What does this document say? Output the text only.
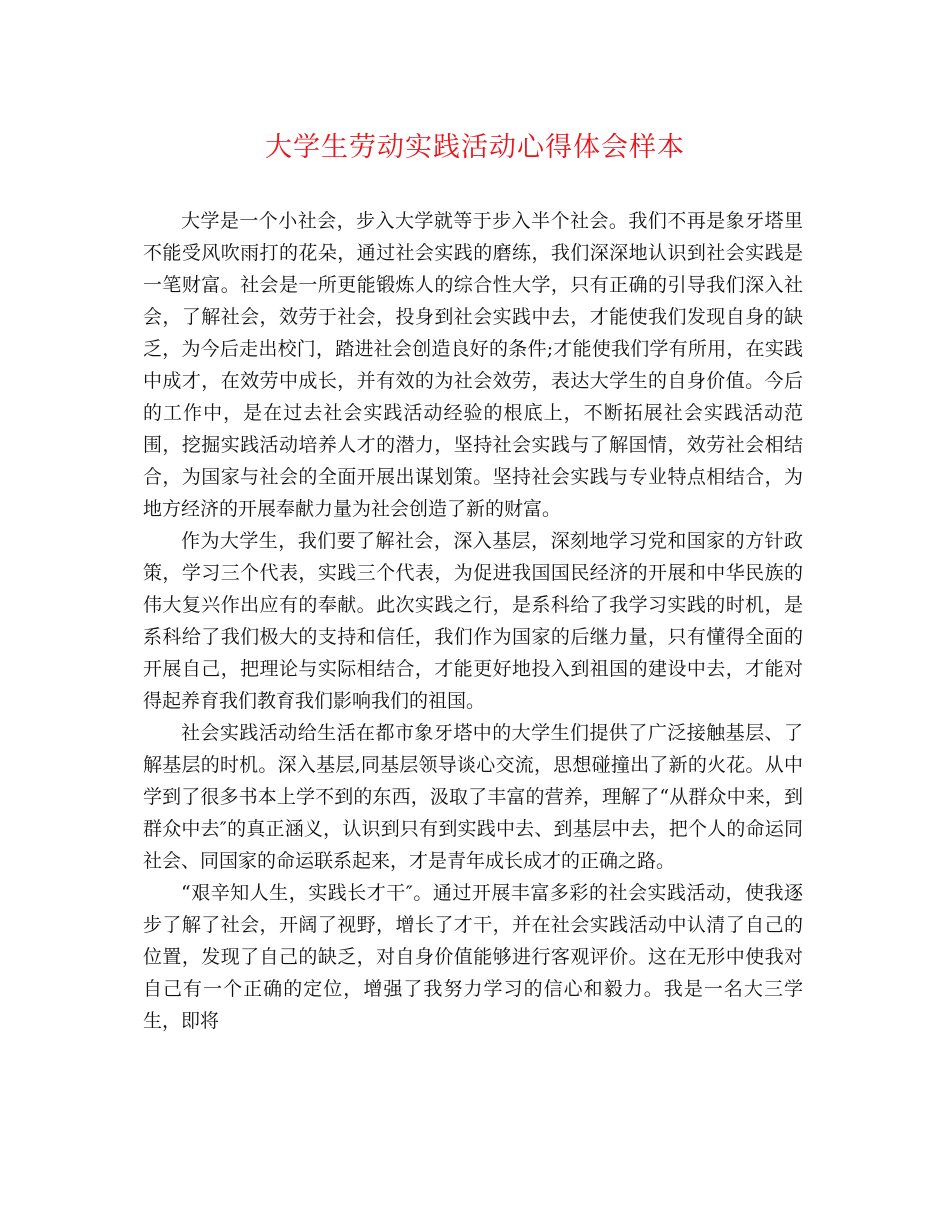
大学生劳动实践活动心得体会样本

大学是一个小社会，步入大学就等于步入半个社会。我们不再是象牙塔里不能受风吹雨打的花朵，通过社会实践的磨练，我们深深地认识到社会实践是一笔财富。社会是一所更能锻炼人的综合性大学，只有正确的引导我们深入社会，了解社会，效劳于社会，投身到社会实践中去，才能使我们发现自身的缺乏，为今后走出校门，踏进社会创造良好的条件;才能使我们学有所用，在实践中成才，在效劳中成长，并有效的为社会效劳，表达大学生的自身价值。今后的工作中，是在过去社会实践活动经验的根底上，不断拓展社会实践活动范围，挖掘实践活动培养人才的潜力，坚持社会实践与了解国情，效劳社会相结合，为国家与社会的全面开展出谋划策。坚持社会实践与专业特点相结合，为地方经济的开展奉献力量为社会创造了新的财富。

作为大学生，我们要了解社会，深入基层，深刻地学习党和国家的方针政策，学习三个代表，实践三个代表，为促进我国国民经济的开展和中华民族的伟大复兴作出应有的奉献。此次实践之行，是系科给了我学习实践的时机，是系科给了我们极大的支持和信任，我们作为国家的后继力量，只有懂得全面的开展自己，把理论与实际相结合，才能更好地投入到祖国的建设中去，才能对得起养育我们教育我们影响我们的祖国。

社会实践活动给生活在都市象牙塔中的大学生们提供了广泛接触基层、了解基层的时机。深入基层,同基层领导谈心交流，思想碰撞出了新的火花。从中学到了很多书本上学不到的东西，汲取了丰富的营养，理解了“从群众中来，到群众中去″的真正涵义，认识到只有到实践中去、到基层中去，把个人的命运同社会、同国家的命运联系起来，才是青年成长成才的正确之路。

“艰辛知人生，实践长才干″。通过开展丰富多彩的社会实践活动，使我逐步了解了社会，开阔了视野，增长了才干，并在社会实践活动中认清了自己的位置，发现了自己的缺乏，对自身价值能够进行客观评价。这在无形中使我对自己有一个正确的定位，增强了我努力学习的信心和毅力。我是一名大三学生，即将
